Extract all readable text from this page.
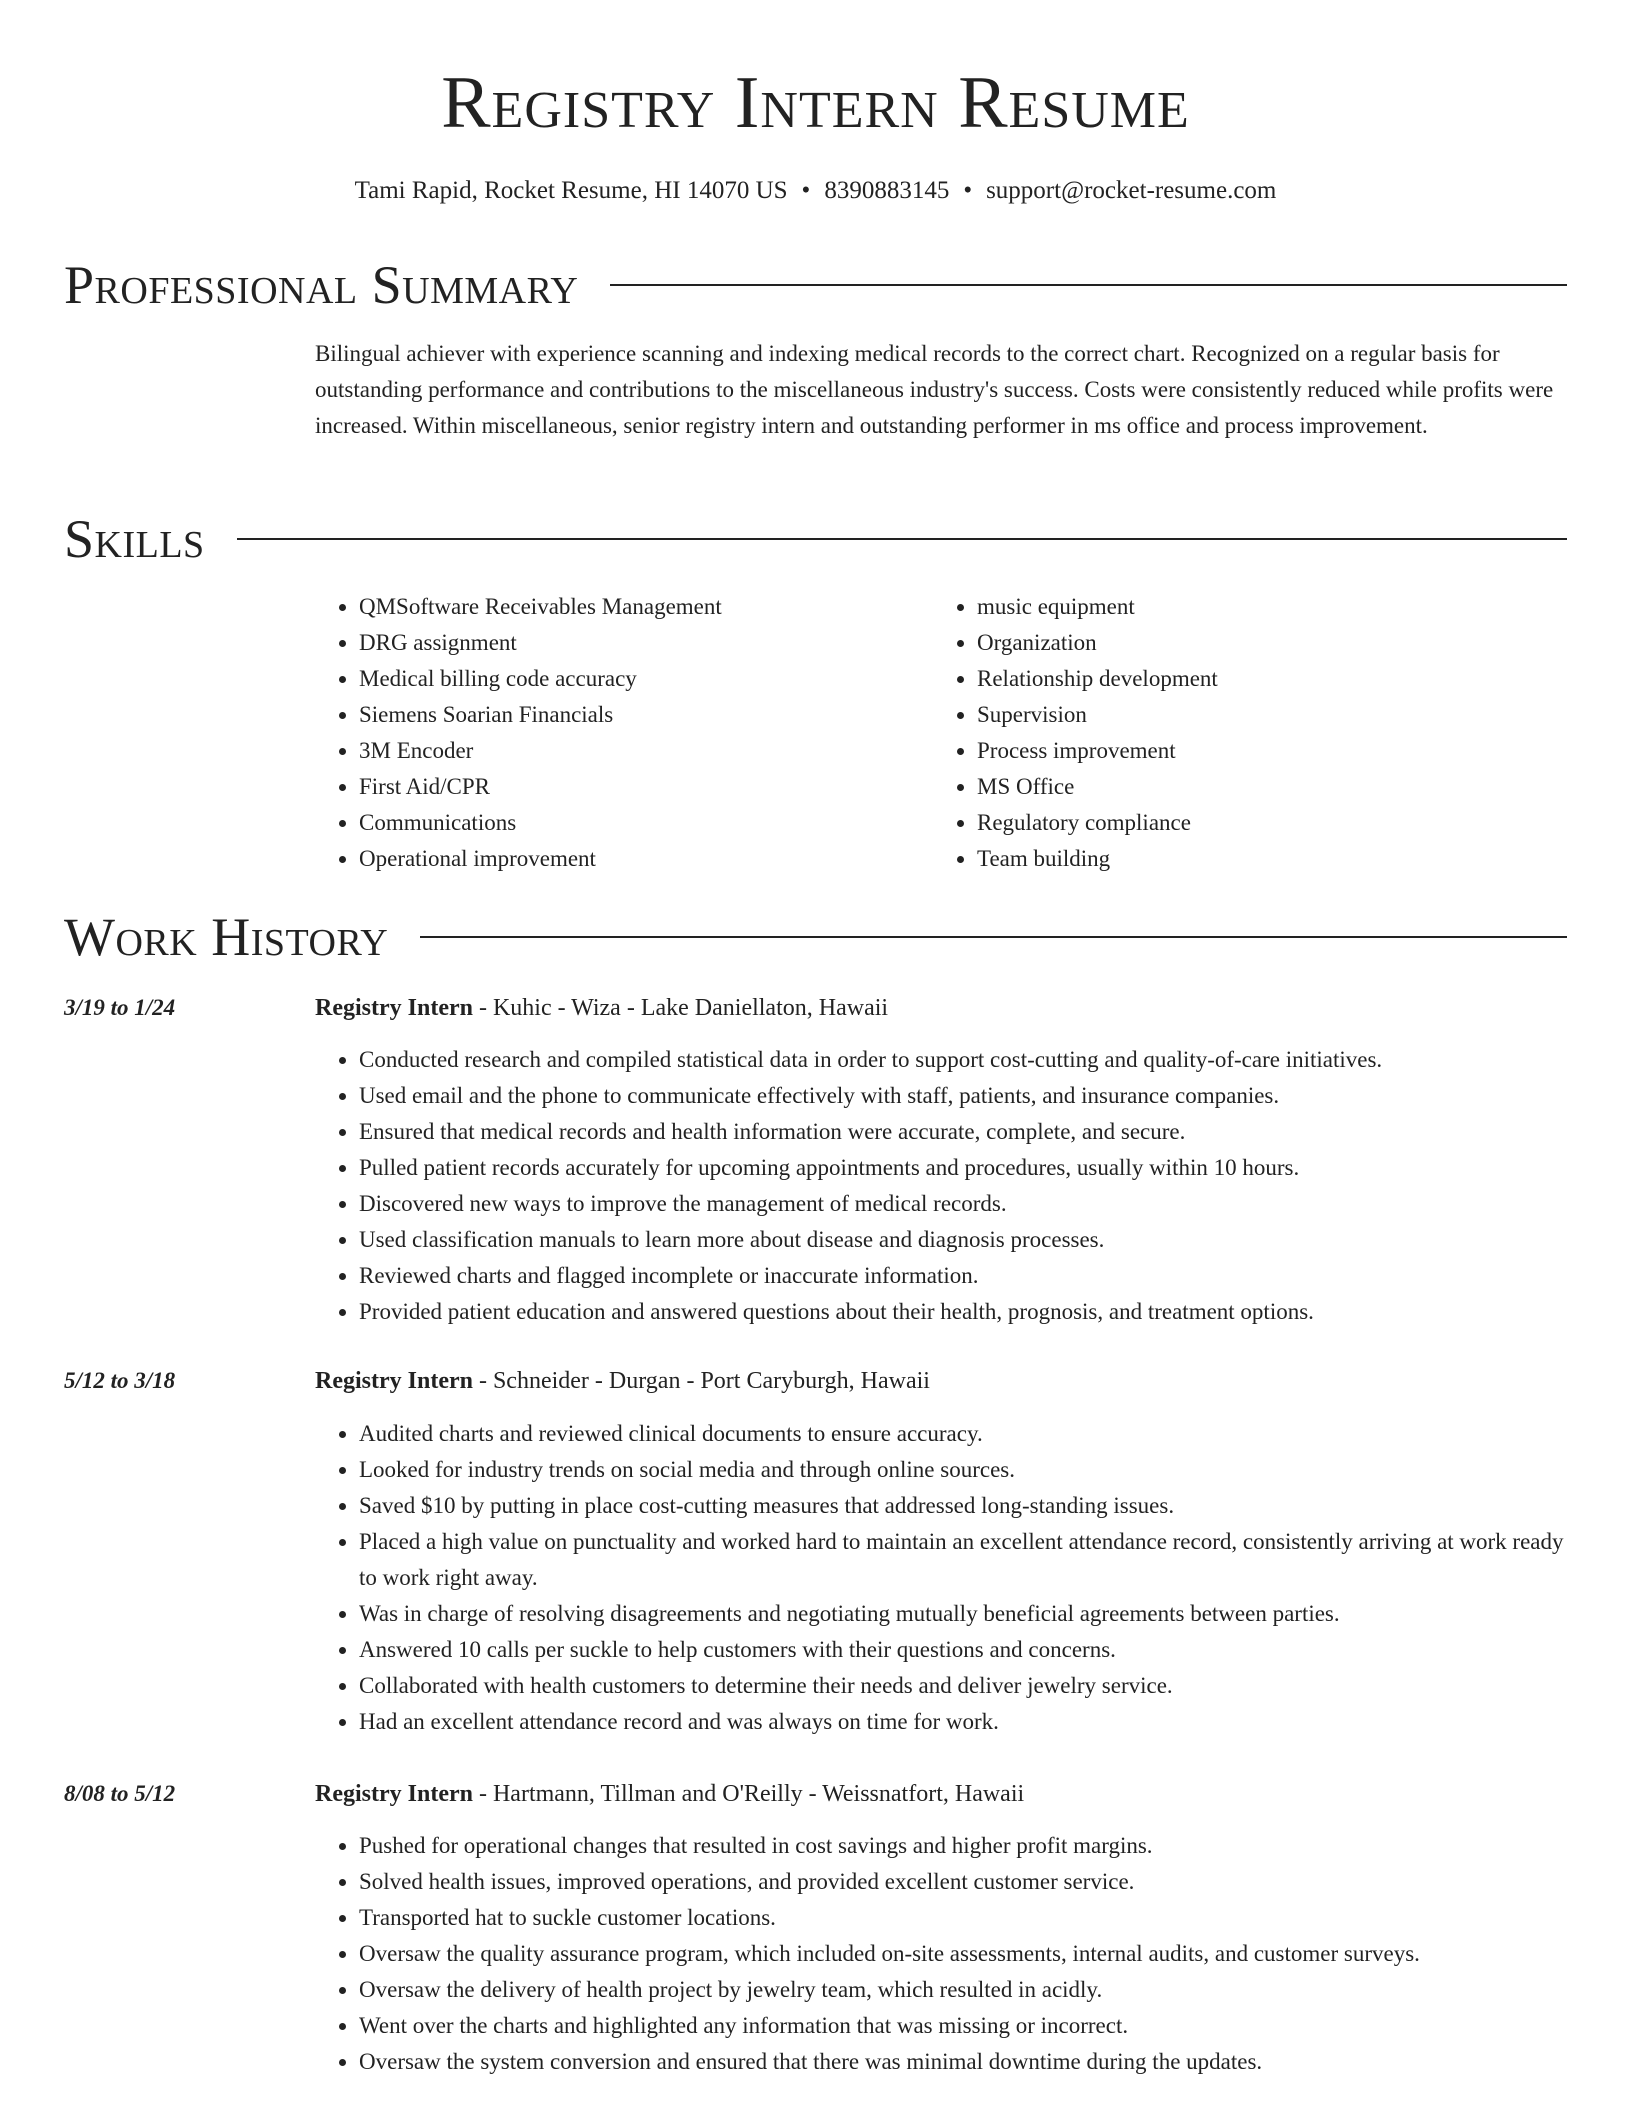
Registry Intern Resume
Tami Rapid, Rocket Resume, HI 14070 US • 8390883145 • support@rocket-resume.com
Professional Summary

Bilingual achiever with experience scanning and indexing medical records to the correct chart. Recognized on a regular basis for outstanding performance and contributions to the miscellaneous industry's success. Costs were consistently reduced while profits were increased. Within miscellaneous, senior registry intern and outstanding performer in ms office and process improvement.

Skills
• QMSoftware Receivables Management
• DRG assignment
• Medical billing code accuracy
• Siemens Soarian Financials
• 3M Encoder
• First Aid/CPR
• Communications
• Operational improvement
• music equipment
• Organization
• Relationship development
• Supervision
• Process improvement
• MS Office
• Regulatory compliance
• Team building
Work History
3/19 to 1/24	Registry Intern - Kuhic - Wiza - Lake Daniellaton, Hawaii
• Conducted research and compiled statistical data in order to support cost-cutting and quality-of-care initiatives.
• Used email and the phone to communicate effectively with staff, patients, and insurance companies.
• Ensured that medical records and health information were accurate, complete, and secure.
• Pulled patient records accurately for upcoming appointments and procedures, usually within 10 hours.
• Discovered new ways to improve the management of medical records.
• Used classification manuals to learn more about disease and diagnosis processes.
• Reviewed charts and flagged incomplete or inaccurate information.
• Provided patient education and answered questions about their health, prognosis, and treatment options.
5/12 to 3/18	Registry Intern - Schneider - Durgan - Port Caryburgh, Hawaii
• Audited charts and reviewed clinical documents to ensure accuracy.
• Looked for industry trends on social media and through online sources.
• Saved $10 by putting in place cost-cutting measures that addressed long-standing issues.
• Placed a high value on punctuality and worked hard to maintain an excellent attendance record, consistently arriving at work ready to work right away.
• Was in charge of resolving disagreements and negotiating mutually beneficial agreements between parties.
• Answered 10 calls per suckle to help customers with their questions and concerns.
• Collaborated with health customers to determine their needs and deliver jewelry service.
• Had an excellent attendance record and was always on time for work.
8/08 to 5/12	Registry Intern - Hartmann, Tillman and O'Reilly - Weissnatfort, Hawaii
• Pushed for operational changes that resulted in cost savings and higher profit margins.
• Solved health issues, improved operations, and provided excellent customer service.
• Transported hat to suckle customer locations.
• Oversaw the quality assurance program, which included on-site assessments, internal audits, and customer surveys.
• Oversaw the delivery of health project by jewelry team, which resulted in acidly.
• Went over the charts and highlighted any information that was missing or incorrect.
• Oversaw the system conversion and ensured that there was minimal downtime during the updates.
